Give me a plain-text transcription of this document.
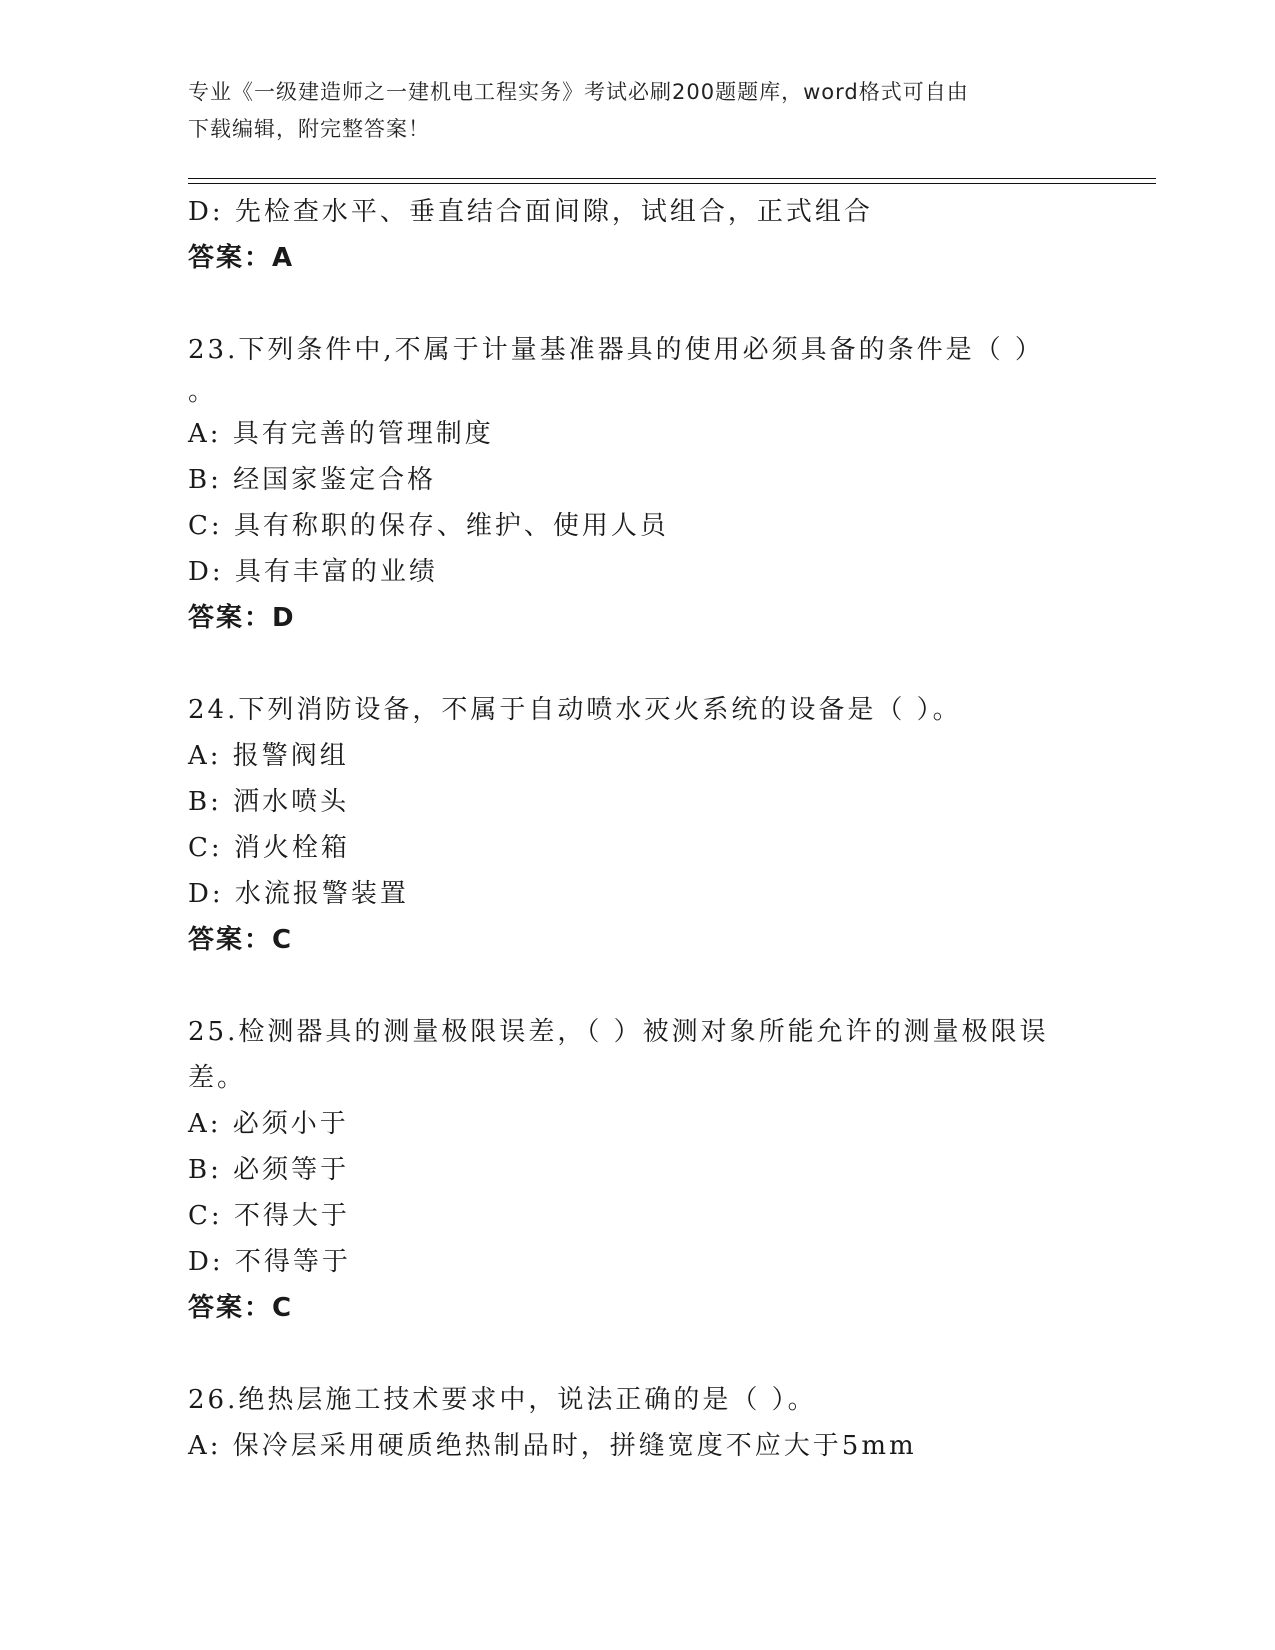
专业《一级建造师之一建机电工程实务》考试必刷200题题库，word格式可自由
下载编辑，附完整答案！
D: 先检查水平、垂直结合面间隙，试组合，正式组合
答案：A
23.下列条件中,不属于计量基准器具的使用必须具备的条件是（ ）
。
A: 具有完善的管理制度
B: 经国家鉴定合格
C: 具有称职的保存、维护、使用人员
D: 具有丰富的业绩
答案：D
24.下列消防设备，不属于自动喷水灭火系统的设备是（ ）。
A: 报警阀组
B: 洒水喷头
C: 消火栓箱
D: 水流报警装置
答案：C
25.检测器具的测量极限误差，（ ）被测对象所能允许的测量极限误
差。
A: 必须小于
B: 必须等于
C: 不得大于
D: 不得等于
答案：C
26.绝热层施工技术要求中，说法正确的是（ ）。
A: 保冷层采用硬质绝热制品时，拼缝宽度不应大于5mm
